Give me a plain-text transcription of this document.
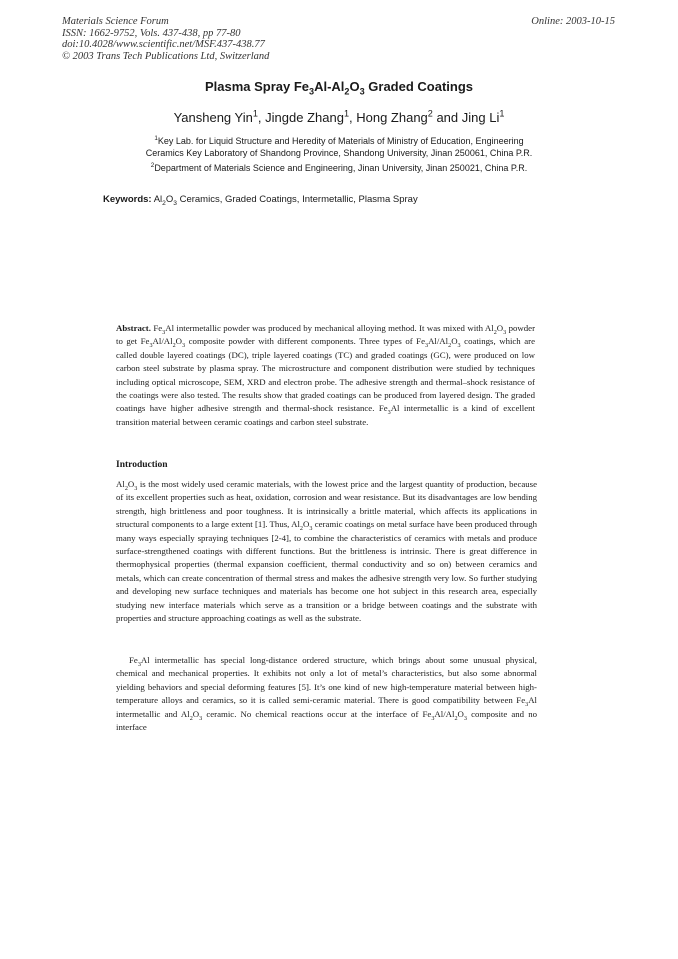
Materials Science Forum
ISSN: 1662-9752, Vols. 437-438, pp 77-80
doi:10.4028/www.scientific.net/MSF.437-438.77
© 2003 Trans Tech Publications Ltd, Switzerland
Online: 2003-10-15
Plasma Spray $Fe_3Al-Al_2O_3$ Graded Coatings
Yansheng Yin$^1$, Jingde Zhang$^1$, Hong Zhang$^2$ and Jing Li$^1$
$^1$Key Lab. for Liquid Structure and Heredity of Materials of Ministry of Education, Engineering
Ceramics Key Laboratory of Shandong Province, Shandong University, Jinan 250061, China P.R.
$^2$Department of Materials Science and Engineering, Jinan University, Jinan 250021, China P.R.
Keywords: $Al_2O_3$ Ceramics, Graded Coatings, Intermetallic, Plasma Spray
Abstract. $Fe_3Al$ intermetallic powder was produced by mechanical alloying method. It was mixed with $Al_2O_3$ powder to get $Fe_3Al/Al_2O_3$ composite powder with different components. Three types of $Fe_3Al/Al_2O_3$ coatings, which are called double layered coatings (DC), triple layered coatings (TC) and graded coatings (GC), were produced on low carbon steel substrate by plasma spray. The microstructure and component distribution were studied by techniques including optical microscope, SEM, XRD and electron probe. The adhesive strength and thermal–shock resistance of the coatings were also tested. The results show that graded coatings can be produced from layered design. The graded coatings have higher adhesive strength and thermal-shock resistance. $Fe_3Al$ intermetallic is a kind of excellent transition material between ceramic coatings and carbon steel substrate.
Introduction
$Al_2O_3$ is the most widely used ceramic materials, with the lowest price and the largest quantity of production, because of its excellent properties such as heat, oxidation, corrosion and wear resistance. But its disadvantages are low bending strength, high brittleness and poor toughness. It is intrinsically a brittle material, which affects its applications in structural components to a large extent [1]. Thus, $Al_2O_3$ ceramic coatings on metal surface have been produced through many ways especially spraying techniques [2-4], to combine the characteristics of ceramics with metals and produce surface-strengthened coatings with different functions. But the brittleness is intrinsic. There is great difference in thermophysical properties (thermal expansion coefficient, thermal conductivity and so on) between ceramics and metals, which can create concentration of thermal stress and makes the adhesive strength very low. So further studying and developing new surface techniques and materials has become one hot subject in this research area, especially studying new interface materials which serve as a transition or a bridge between coatings and the substrate with properties and structure approaching coatings as well as the substrate.
$Fe_3Al$ intermetallic has special long-distance ordered structure, which brings about some unusual physical, chemical and mechanical properties. It exhibits not only a lot of metal’s characteristics, but also some abnormal yielding behaviors and special deforming features [5]. It’s one kind of new high-temperature material between high-temperature alloys and ceramics, so it is called semi-ceramic material. There is good compatibility between $Fe_3Al$ intermetallic and $Al_2O_3$ ceramic. No chemical reactions occur at the interface of $Fe_3Al/Al_2O_3$ composite and no interface
